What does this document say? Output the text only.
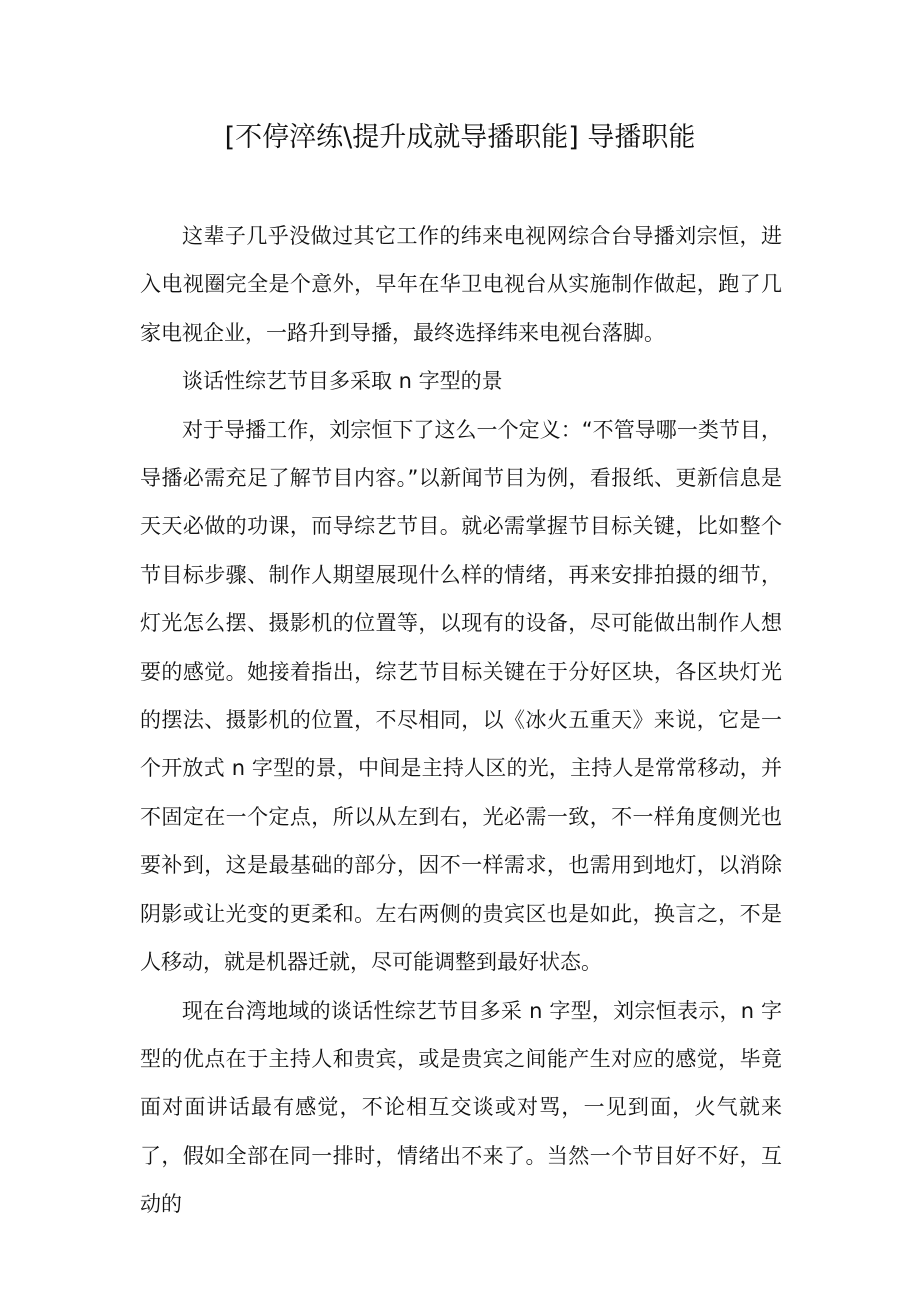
[不停淬练\提升成就导播职能] 导播职能

这辈子几乎没做过其它工作的纬来电视网综合台导播刘宗恒，进入电视圈完全是个意外，早年在华卫电视台从实施制作做起，跑了几家电视企业，一路升到导播，最终选择纬来电视台落脚。

谈话性综艺节目多采取 n 字型的景

对于导播工作，刘宗恒下了这么一个定义：“不管导哪一类节目，导播必需充足了解节目内容。”以新闻节目为例，看报纸、更新信息是天天必做的功课，而导综艺节目。就必需掌握节目标关键，比如整个节目标步骤、制作人期望展现什么样的情绪，再来安排拍摄的细节，灯光怎么摆、摄影机的位置等，以现有的设备，尽可能做出制作人想要的感觉。她接着指出，综艺节目标关键在于分好区块，各区块灯光的摆法、摄影机的位置，不尽相同，以《冰火五重天》来说，它是一个开放式 n 字型的景，中间是主持人区的光，主持人是常常移动，并不固定在一个定点，所以从左到右，光必需一致，不一样角度侧光也要补到，这是最基础的部分，因不一样需求，也需用到地灯，以消除阴影或让光变的更柔和。左右两侧的贵宾区也是如此，换言之，不是人移动，就是机器迁就，尽可能调整到最好状态。

现在台湾地域的谈话性综艺节目多采 n 字型，刘宗恒表示，n 字型的优点在于主持人和贵宾，或是贵宾之间能产生对应的感觉，毕竟面对面讲话最有感觉，不论相互交谈或对骂，一见到面，火气就来了，假如全部在同一排时，情绪出不来了。当然一个节目好不好，互动的
